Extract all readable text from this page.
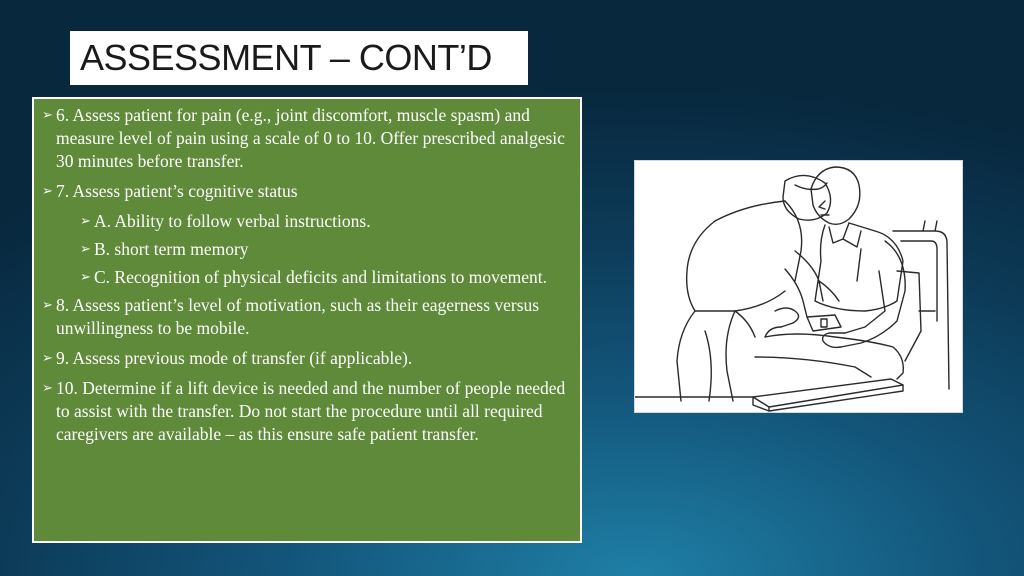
ASSESSMENT – CONT’D
➢ 6. Assess patient for pain (e.g., joint discomfort, muscle spasm) and measure level of pain using a scale of 0 to 10. Offer prescribed analgesic 30 minutes before transfer.
➢ 7. Assess patient’s cognitive status
➢ A. Ability to follow verbal instructions.
➢ B. short term memory
➢ C. Recognition of physical deficits and limitations to movement.
➢ 8. Assess patient’s level of motivation, such as their eagerness versus unwillingness to be mobile.
➢ 9. Assess previous mode of transfer (if applicable).
➢ 10. Determine if a lift device is needed and the number of people needed to assist with the transfer. Do not start the procedure until all required caregivers are available – as this ensure safe patient transfer.
